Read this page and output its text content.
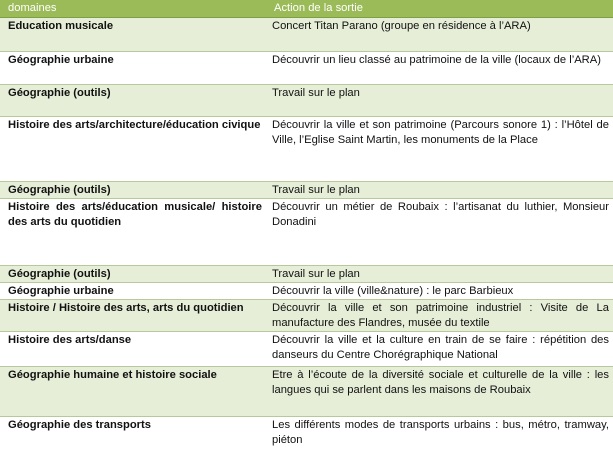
domaines	Action de la sortie
Education musicale	Concert Titan Parano (groupe en résidence à l’ARA)
Géographie urbaine	Découvrir un lieu classé au patrimoine de la ville (locaux de l’ARA)
Géographie (outils)	Travail sur le plan
Histoire des arts/architecture/éducation civique	Découvrir la ville et son patrimoine (Parcours sonore 1) : l’Hôtel de Ville, l’Eglise Saint Martin, les monuments de la Place
Géographie (outils)	Travail sur le plan
Histoire des arts/éducation musicale/ histoire des arts du quotidien	Découvrir un métier de Roubaix : l’artisanat du luthier, Monsieur Donadini
Géographie (outils)	Travail sur le plan
Géographie urbaine	Découvrir la ville (ville&nature) : le parc Barbieux
Histoire / Histoire des arts, arts du quotidien	Découvrir la ville et son patrimoine industriel : Visite de La manufacture des Flandres, musée du textile
Histoire des arts/danse	Découvrir la ville et la culture en train de se faire : répétition des danseurs du Centre Chorégraphique National
Géographie humaine et histoire sociale	Etre à l’écoute de la diversité sociale et culturelle de la ville : les langues qui se parlent dans les maisons de Roubaix
Géographie des transports	Les différents modes de transports urbains : bus, métro, tramway, piéton
